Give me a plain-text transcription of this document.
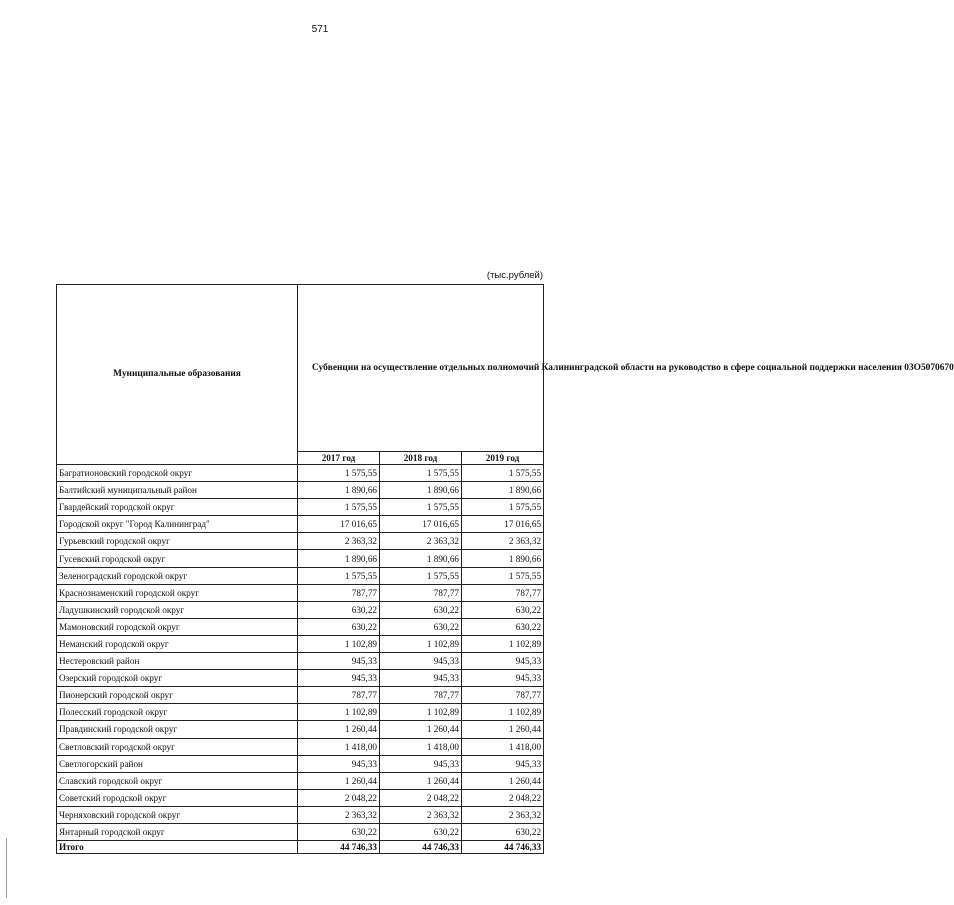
571
(тыс.рублей)
Муниципальные образования	Субвенции на осуществление отдельных полномочий Калининградской области на руководство в сфере социальной поддержки населения 03О5070670		
	2017 год	2018 год	2019 год
Багратионовский городской округ	1 575,55	1 575,55	1 575,55
Балтийский муниципальный район	1 890,66	1 890,66	1 890,66
Гвардейский городской округ	1 575,55	1 575,55	1 575,55
Городской округ "Город Калининград"	17 016,65	17 016,65	17 016,65
Гурьевский городской округ	2 363,32	2 363,32	2 363,32
Гусевский городской округ	1 890,66	1 890,66	1 890,66
Зеленоградский городской округ	1 575,55	1 575,55	1 575,55
Краснознаменский городской округ	787,77	787,77	787,77
Ладушкинский городской округ	630,22	630,22	630,22
Мамоновский городской округ	630,22	630,22	630,22
Неманский городской округ	1 102,89	1 102,89	1 102,89
Нестеровский район	945,33	945,33	945,33
Озерский городской округ	945,33	945,33	945,33
Пионерский городской округ	787,77	787,77	787,77
Полесский городской округ	1 102,89	1 102,89	1 102,89
Правдинский городской округ	1 260,44	1 260,44	1 260,44
Светловский городской округ	1 418,00	1 418,00	1 418,00
Светлогорский район	945,33	945,33	945,33
Славский городской округ	1 260,44	1 260,44	1 260,44
Советский городской округ	2 048,22	2 048,22	2 048,22
Черняховский городской округ	2 363,32	2 363,32	2 363,32
Янтарный городской округ	630,22	630,22	630,22
Итого	44 746,33	44 746,33	44 746,33
